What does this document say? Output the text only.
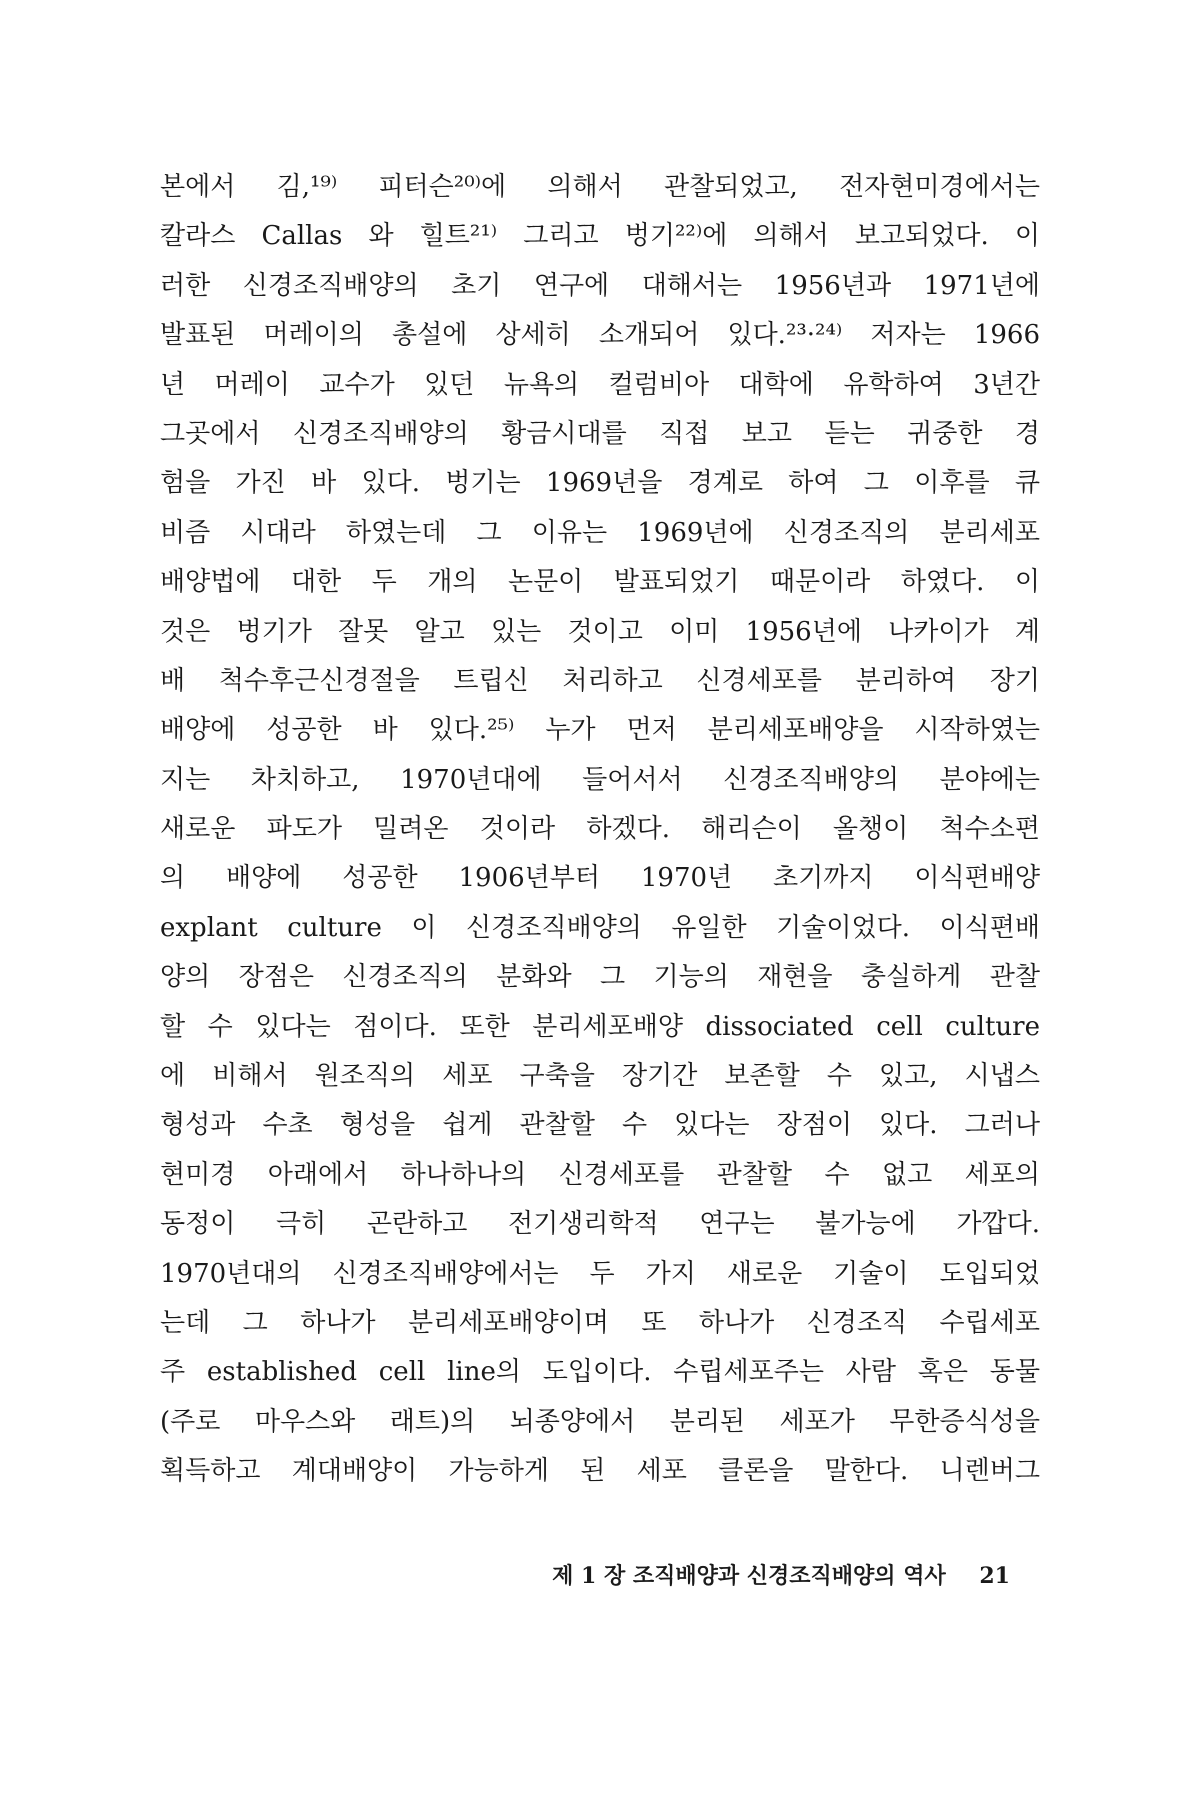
본에서 김,¹⁹⁾ 피터슨²⁰⁾에 의해서 관찰되었고, 전자현미경에서는
칼라스 Callas 와 힐트²¹⁾ 그리고 벙기²²⁾에 의해서 보고되었다. 이
러한 신경조직배양의 초기 연구에 대해서는 1956년과 1971년에
발표된 머레이의 총설에 상세히 소개되어 있다.²³·²⁴⁾ 저자는 1966
년 머레이 교수가 있던 뉴욕의 컬럼비아 대학에 유학하여 3년간
그곳에서 신경조직배양의 황금시대를 직접 보고 듣는 귀중한 경
험을 가진 바 있다. 벙기는 1969년을 경계로 하여 그 이후를 큐
비즘 시대라 하였는데 그 이유는 1969년에 신경조직의 분리세포
배양법에 대한 두 개의 논문이 발표되었기 때문이라 하였다. 이
것은 벙기가 잘못 알고 있는 것이고 이미 1956년에 나카이가 계
배 척수후근신경절을 트립신 처리하고 신경세포를 분리하여 장기
배양에 성공한 바 있다.²⁵⁾ 누가 먼저 분리세포배양을 시작하였는
지는 차치하고, 1970년대에 들어서서 신경조직배양의 분야에는
새로운 파도가 밀려온 것이라 하겠다. 해리슨이 올챙이 척수소편
의 배양에 성공한 1906년부터 1970년 초기까지 이식편배양
explant culture 이 신경조직배양의 유일한 기술이었다. 이식편배
양의 장점은 신경조직의 분화와 그 기능의 재현을 충실하게 관찰
할 수 있다는 점이다. 또한 분리세포배양 dissociated cell culture
에 비해서 원조직의 세포 구축을 장기간 보존할 수 있고, 시냅스
형성과 수초 형성을 쉽게 관찰할 수 있다는 장점이 있다. 그러나
현미경 아래에서 하나하나의 신경세포를 관찰할 수 없고 세포의
동정이 극히 곤란하고 전기생리학적 연구는 불가능에 가깝다.
1970년대의 신경조직배양에서는 두 가지 새로운 기술이 도입되었
는데 그 하나가 분리세포배양이며 또 하나가 신경조직 수립세포
주 established cell line의 도입이다. 수립세포주는 사람 혹은 동물
(주로 마우스와 래트)의 뇌종양에서 분리된 세포가 무한증식성을
획득하고 계대배양이 가능하게 된 세포 클론을 말한다. 니렌버그
제 1 장 조직배양과 신경조직배양의 역사 21
